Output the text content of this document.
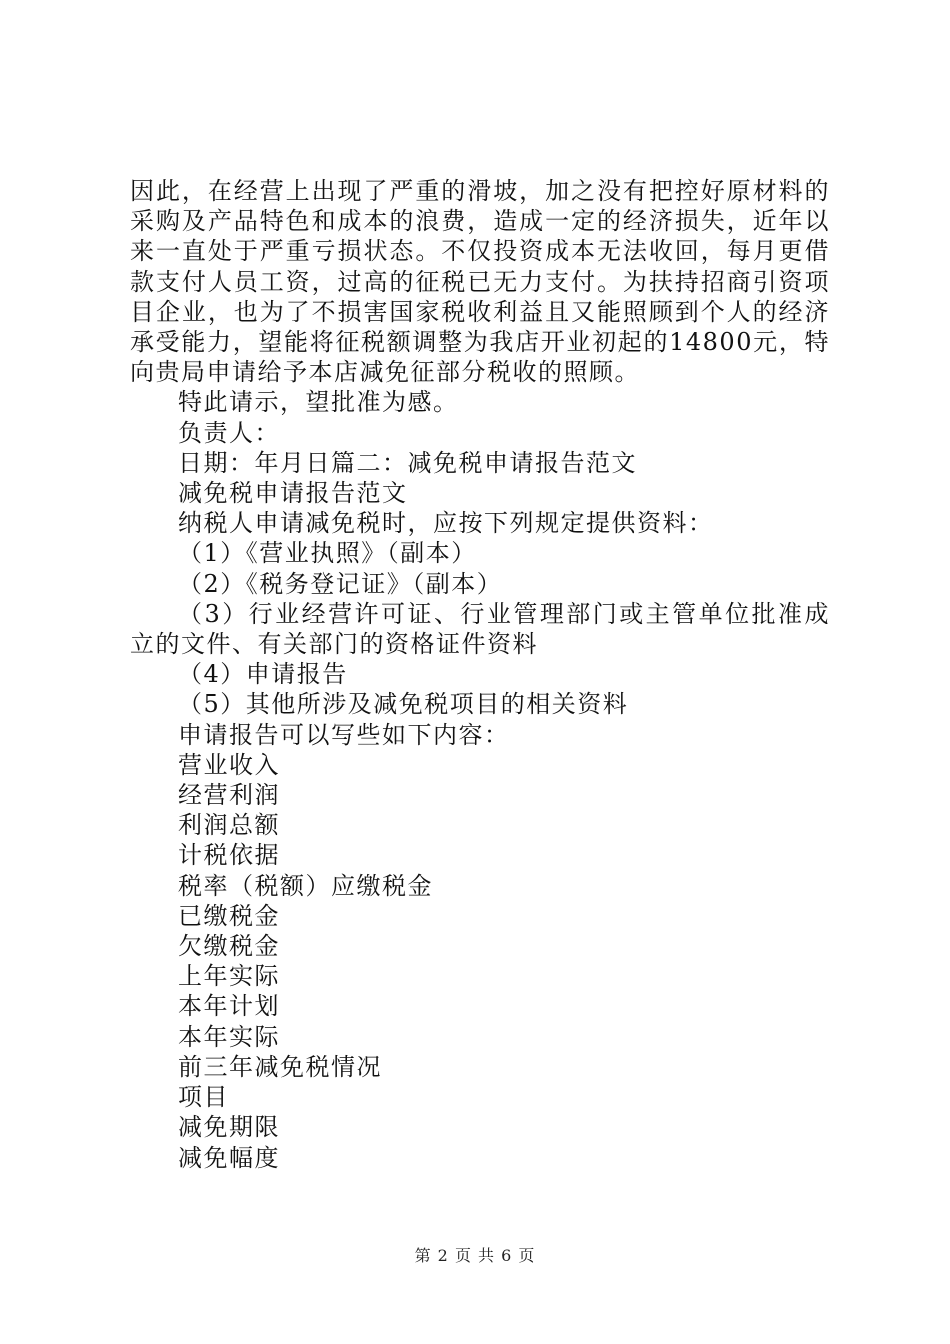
因此，在经营上出现了严重的滑坡，加之没有把控好原材料的采购及产品特色和成本的浪费，造成一定的经济损失，近年以来一直处于严重亏损状态。不仅投资成本无法收回，每月更借款支付人员工资，过高的征税已无力支付。为扶持招商引资项目企业，也为了不损害国家税收利益且又能照顾到个人的经济承受能力，望能将征税额调整为我店开业初起的14800元，特向贵局申请给予本店减免征部分税收的照顾。

特此请示，望批准为感。

负责人：

日期：年月日篇二：减免税申请报告范文

减免税申请报告范文

纳税人申请减免税时，应按下列规定提供资料：

（1）《营业执照》（副本）

（2）《税务登记证》（副本）

（3）行业经营许可证、行业管理部门或主管单位批准成立的文件、有关部门的资格证件资料

（4）申请报告

（5）其他所涉及减免税项目的相关资料

申请报告可以写些如下内容：

营业收入

经营利润

利润总额

计税依据

税率（税额）应缴税金

已缴税金

欠缴税金

上年实际

本年计划

本年实际

前三年减免税情况

项目

减免期限

减免幅度

第 2 页 共 6 页
